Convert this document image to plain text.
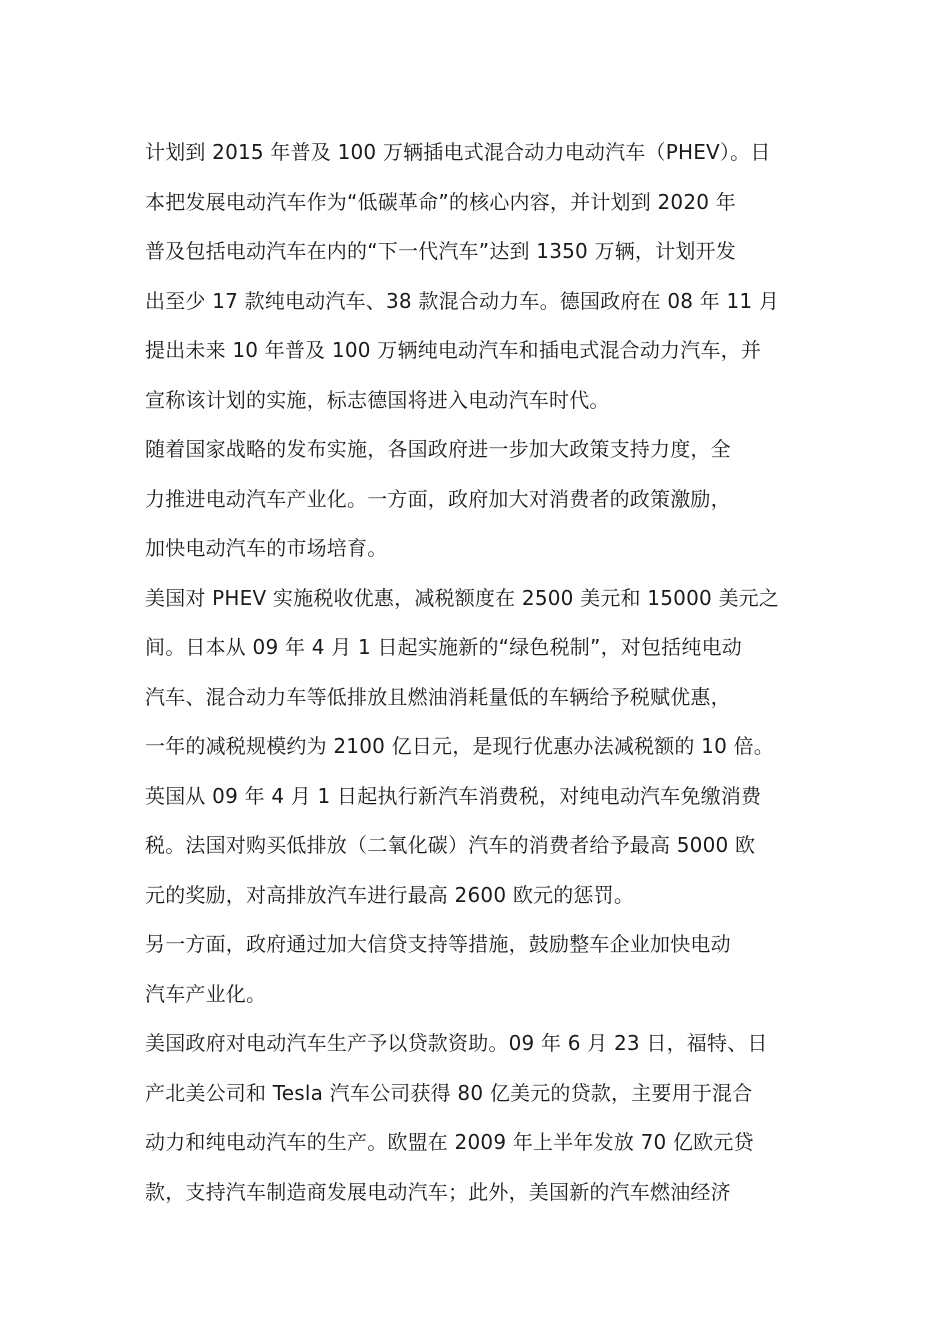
计划到 2015 年普及 100 万辆插电式混合动力电动汽车（PHEV）。日
本把发展电动汽车作为“低碳革命”的核心内容，并计划到 2020 年
普及包括电动汽车在内的“下一代汽车”达到 1350 万辆，计划开发
出至少 17 款纯电动汽车、38 款混合动力车。德国政府在 08 年 11 月
提出未来 10 年普及 100 万辆纯电动汽车和插电式混合动力汽车，并
宣称该计划的实施，标志德国将进入电动汽车时代。
随着国家战略的发布实施，各国政府进一步加大政策支持力度，全
力推进电动汽车产业化。一方面，政府加大对消费者的政策激励，
加快电动汽车的市场培育。
美国对 PHEV 实施税收优惠，减税额度在 2500 美元和 15000 美元之
间。日本从 09 年 4 月 1 日起实施新的“绿色税制”，对包括纯电动
汽车、混合动力车等低排放且燃油消耗量低的车辆给予税赋优惠，
一年的减税规模约为 2100 亿日元，是现行优惠办法减税额的 10 倍。
英国从 09 年 4 月 1 日起执行新汽车消费税，对纯电动汽车免缴消费
税。法国对购买低排放（二氧化碳）汽车的消费者给予最高 5000 欧
元的奖励，对高排放汽车进行最高 2600 欧元的惩罚。
另一方面，政府通过加大信贷支持等措施，鼓励整车企业加快电动
汽车产业化。
美国政府对电动汽车生产予以贷款资助。09 年 6 月 23 日，福特、日
产北美公司和 Tesla 汽车公司获得 80 亿美元的贷款，主要用于混合
动力和纯电动汽车的生产。欧盟在 2009 年上半年发放 70 亿欧元贷
款，支持汽车制造商发展电动汽车；此外，美国新的汽车燃油经济
